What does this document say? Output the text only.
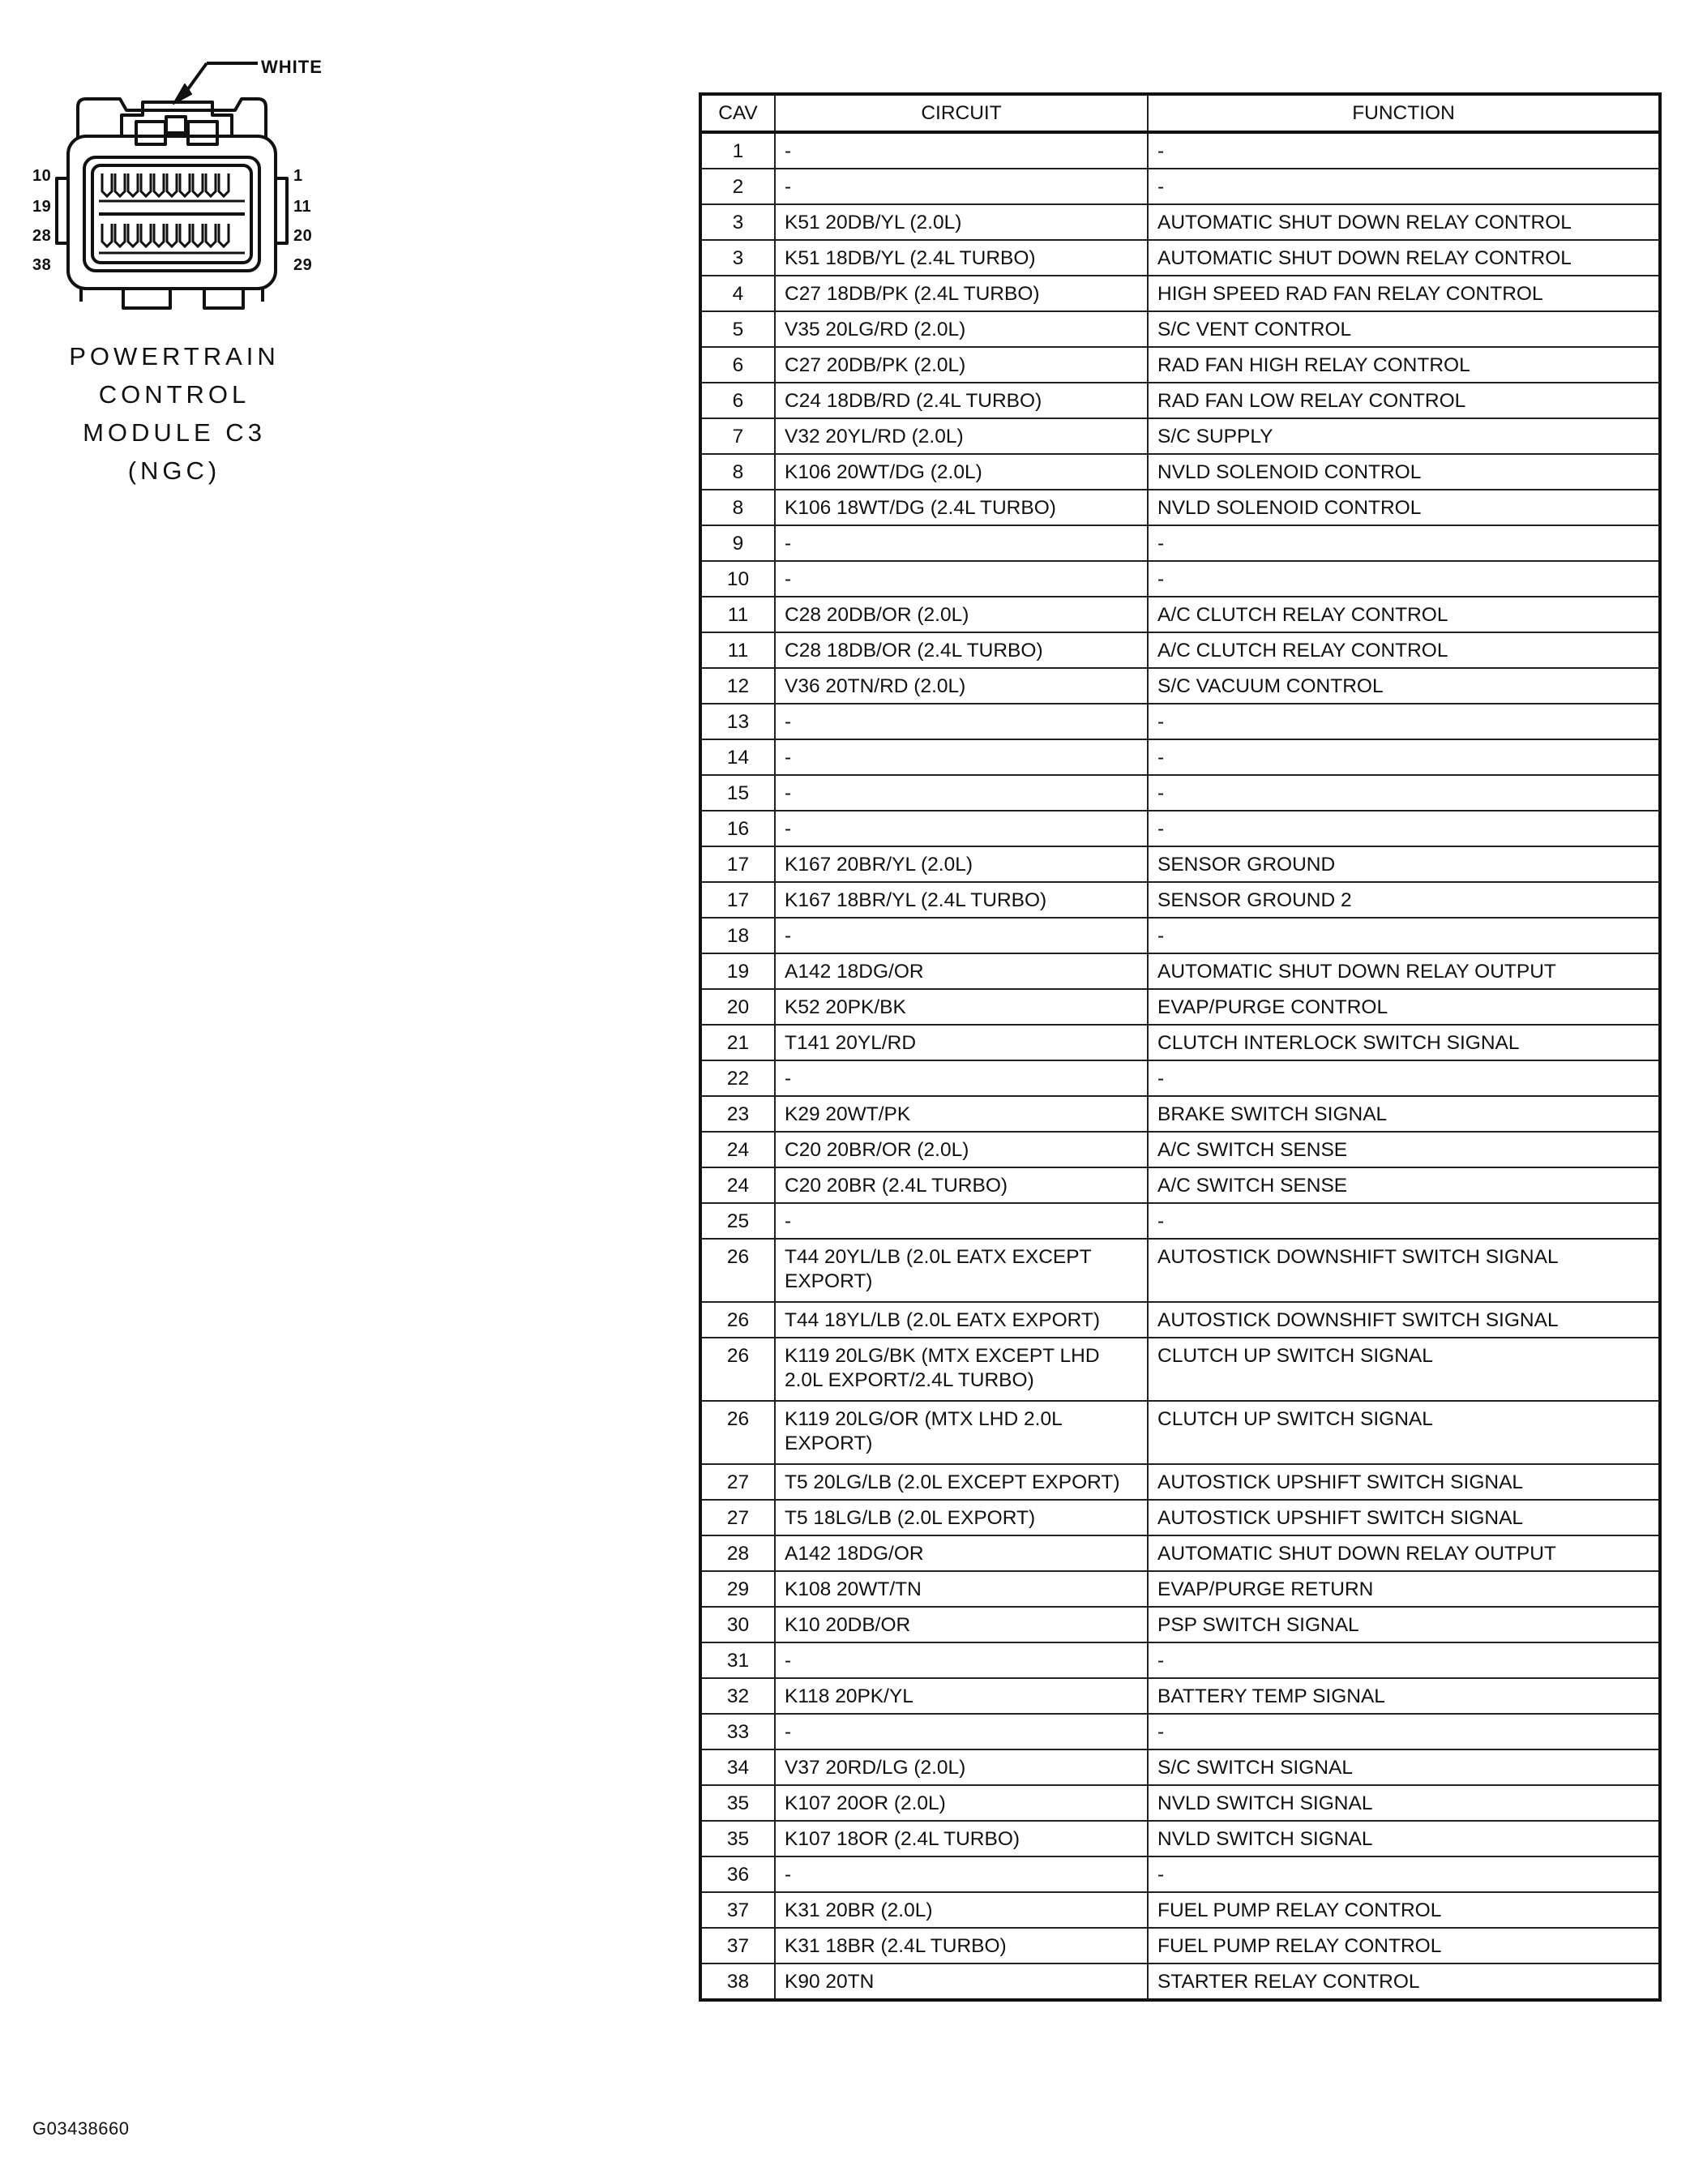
WHITE
10
19
28
38
1
11
20
29
POWERTRAIN
CONTROL
MODULE C3
(NGC)
CAV	CIRCUIT	FUNCTION
1	-	-
2	-	-
3	K51 20DB/YL (2.0L)	AUTOMATIC SHUT DOWN RELAY CONTROL
3	K51 18DB/YL (2.4L TURBO)	AUTOMATIC SHUT DOWN RELAY CONTROL
4	C27 18DB/PK (2.4L TURBO)	HIGH SPEED RAD FAN RELAY CONTROL
5	V35 20LG/RD (2.0L)	S/C VENT CONTROL
6	C27 20DB/PK (2.0L)	RAD FAN HIGH RELAY CONTROL
6	C24 18DB/RD (2.4L TURBO)	RAD FAN LOW RELAY CONTROL
7	V32 20YL/RD (2.0L)	S/C SUPPLY
8	K106 20WT/DG (2.0L)	NVLD SOLENOID CONTROL
8	K106 18WT/DG (2.4L TURBO)	NVLD SOLENOID CONTROL
9	-	-
10	-	-
11	C28 20DB/OR (2.0L)	A/C CLUTCH RELAY CONTROL
11	C28 18DB/OR (2.4L TURBO)	A/C CLUTCH RELAY CONTROL
12	V36 20TN/RD (2.0L)	S/C VACUUM CONTROL
13	-	-
14	-	-
15	-	-
16	-	-
17	K167 20BR/YL (2.0L)	SENSOR GROUND
17	K167 18BR/YL (2.4L TURBO)	SENSOR GROUND 2
18	-	-
19	A142 18DG/OR	AUTOMATIC SHUT DOWN RELAY OUTPUT
20	K52 20PK/BK	EVAP/PURGE CONTROL
21	T141 20YL/RD	CLUTCH INTERLOCK SWITCH SIGNAL
22	-	-
23	K29 20WT/PK	BRAKE SWITCH SIGNAL
24	C20 20BR/OR (2.0L)	A/C SWITCH SENSE
24	C20 20BR (2.4L TURBO)	A/C SWITCH SENSE
25	-	-
26	T44 20YL/LB (2.0L EATX EXCEPT EXPORT)	AUTOSTICK DOWNSHIFT SWITCH SIGNAL
26	T44 18YL/LB (2.0L EATX EXPORT)	AUTOSTICK DOWNSHIFT SWITCH SIGNAL
26	K119 20LG/BK (MTX EXCEPT LHD 2.0L EXPORT/2.4L TURBO)	CLUTCH UP SWITCH SIGNAL
26	K119 20LG/OR (MTX LHD 2.0L EXPORT)	CLUTCH UP SWITCH SIGNAL
27	T5 20LG/LB (2.0L EXCEPT EXPORT)	AUTOSTICK UPSHIFT SWITCH SIGNAL
27	T5 18LG/LB (2.0L EXPORT)	AUTOSTICK UPSHIFT SWITCH SIGNAL
28	A142 18DG/OR	AUTOMATIC SHUT DOWN RELAY OUTPUT
29	K108 20WT/TN	EVAP/PURGE RETURN
30	K10 20DB/OR	PSP SWITCH SIGNAL
31	-	-
32	K118 20PK/YL	BATTERY TEMP SIGNAL
33	-	-
34	V37 20RD/LG (2.0L)	S/C SWITCH SIGNAL
35	K107 20OR (2.0L)	NVLD SWITCH SIGNAL
35	K107 18OR (2.4L TURBO)	NVLD SWITCH SIGNAL
36	-	-
37	K31 20BR (2.0L)	FUEL PUMP RELAY CONTROL
37	K31 18BR (2.4L TURBO)	FUEL PUMP RELAY CONTROL
38	K90 20TN	STARTER RELAY CONTROL
G03438660
